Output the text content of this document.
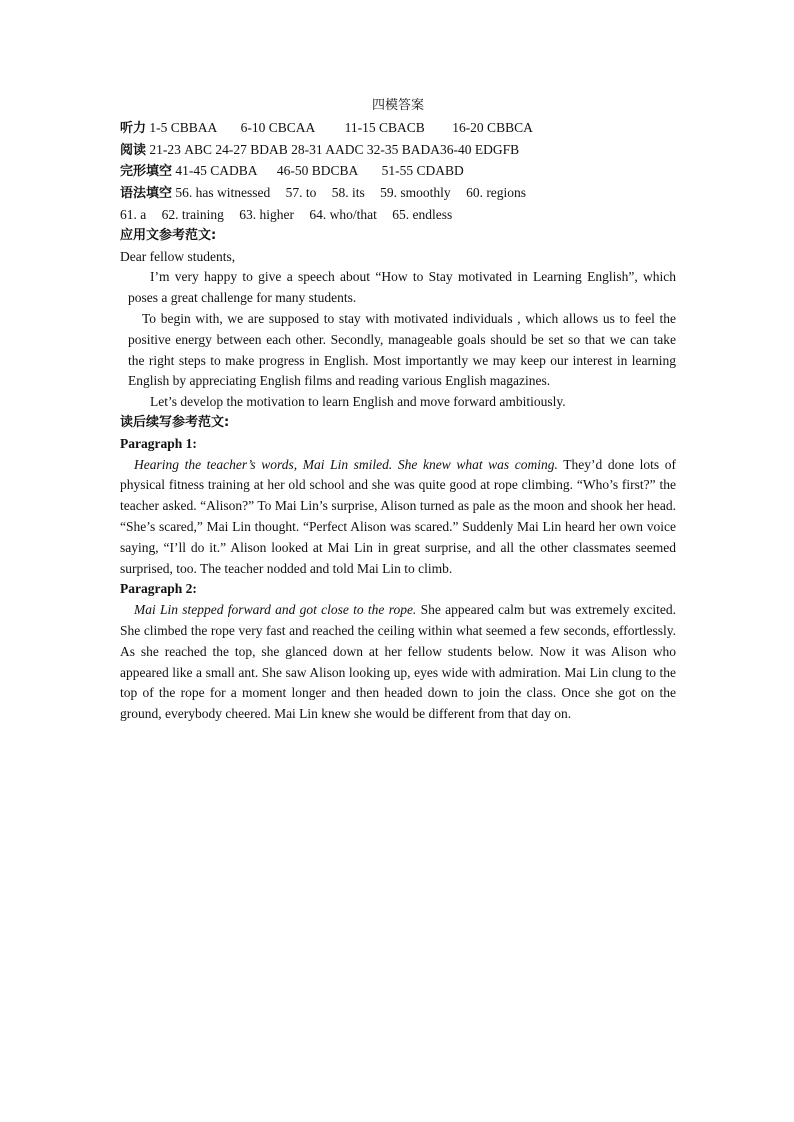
四模答案
听力 1-5 CBBAA 6-10 CBCAA 11-15 CBACB 16-20 CBBCA
阅读 21-23 ABC 24-27 BDAB 28-31 AADC 32-35 BADA36-40 EDGFB
完形填空 41-45 CADBA 46-50 BDCBA 51-55 CDABD
语法填空 56. has witnessed 57. to 58. its 59. smoothly 60. regions
61. a 62. training 63. higher 64. who/that 65. endless
应用文参考范文:
Dear fellow students,
I’m very happy to give a speech about “How to Stay motivated in Learning English”, which poses a great challenge for many students.
To begin with, we are supposed to stay with motivated individuals , which allows us to feel the positive energy between each other. Secondly, manageable goals should be set so that we can take the right steps to make progress in English. Most importantly we may keep our interest in learning English by appreciating English films and reading various English magazines.
Let’s develop the motivation to learn English and move forward ambitiously.
读后续写参考范文:
Paragraph 1:
Hearing the teacher’s words, Mai Lin smiled. She knew what was coming. They’d done lots of physical fitness training at her old school and she was quite good at rope climbing. “Who’s first?” the teacher asked. “Alison?” To Mai Lin’s surprise, Alison turned as pale as the moon and shook her head. “She’s scared,” Mai Lin thought. “Perfect Alison was scared.” Suddenly Mai Lin heard her own voice saying, “I’ll do it.” Alison looked at Mai Lin in great surprise, and all the other classmates seemed surprised, too. The teacher nodded and told Mai Lin to climb.
Paragraph 2:
Mai Lin stepped forward and got close to the rope. She appeared calm but was extremely excited. She climbed the rope very fast and reached the ceiling within what seemed a few seconds, effortlessly. As she reached the top, she glanced down at her fellow students below. Now it was Alison who appeared like a small ant. She saw Alison looking up, eyes wide with admiration. Mai Lin clung to the top of the rope for a moment longer and then headed down to join the class. Once she got on the ground, everybody cheered. Mai Lin knew she would be different from that day on.
